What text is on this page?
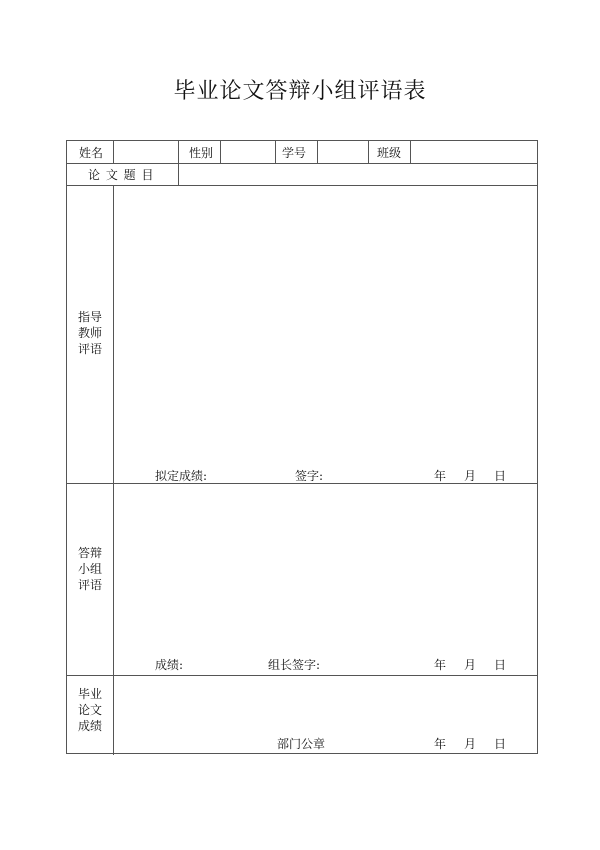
毕业论文答辩小组评语表
姓名	性别	学号	班级
论 文 题 目
指导
教师
评语
拟定成绩:	签字:	年 月 日
答辩
小组
评语
成绩:	组长签字:	年 月 日
毕业
论文
成绩
部门公章	年 月 日
